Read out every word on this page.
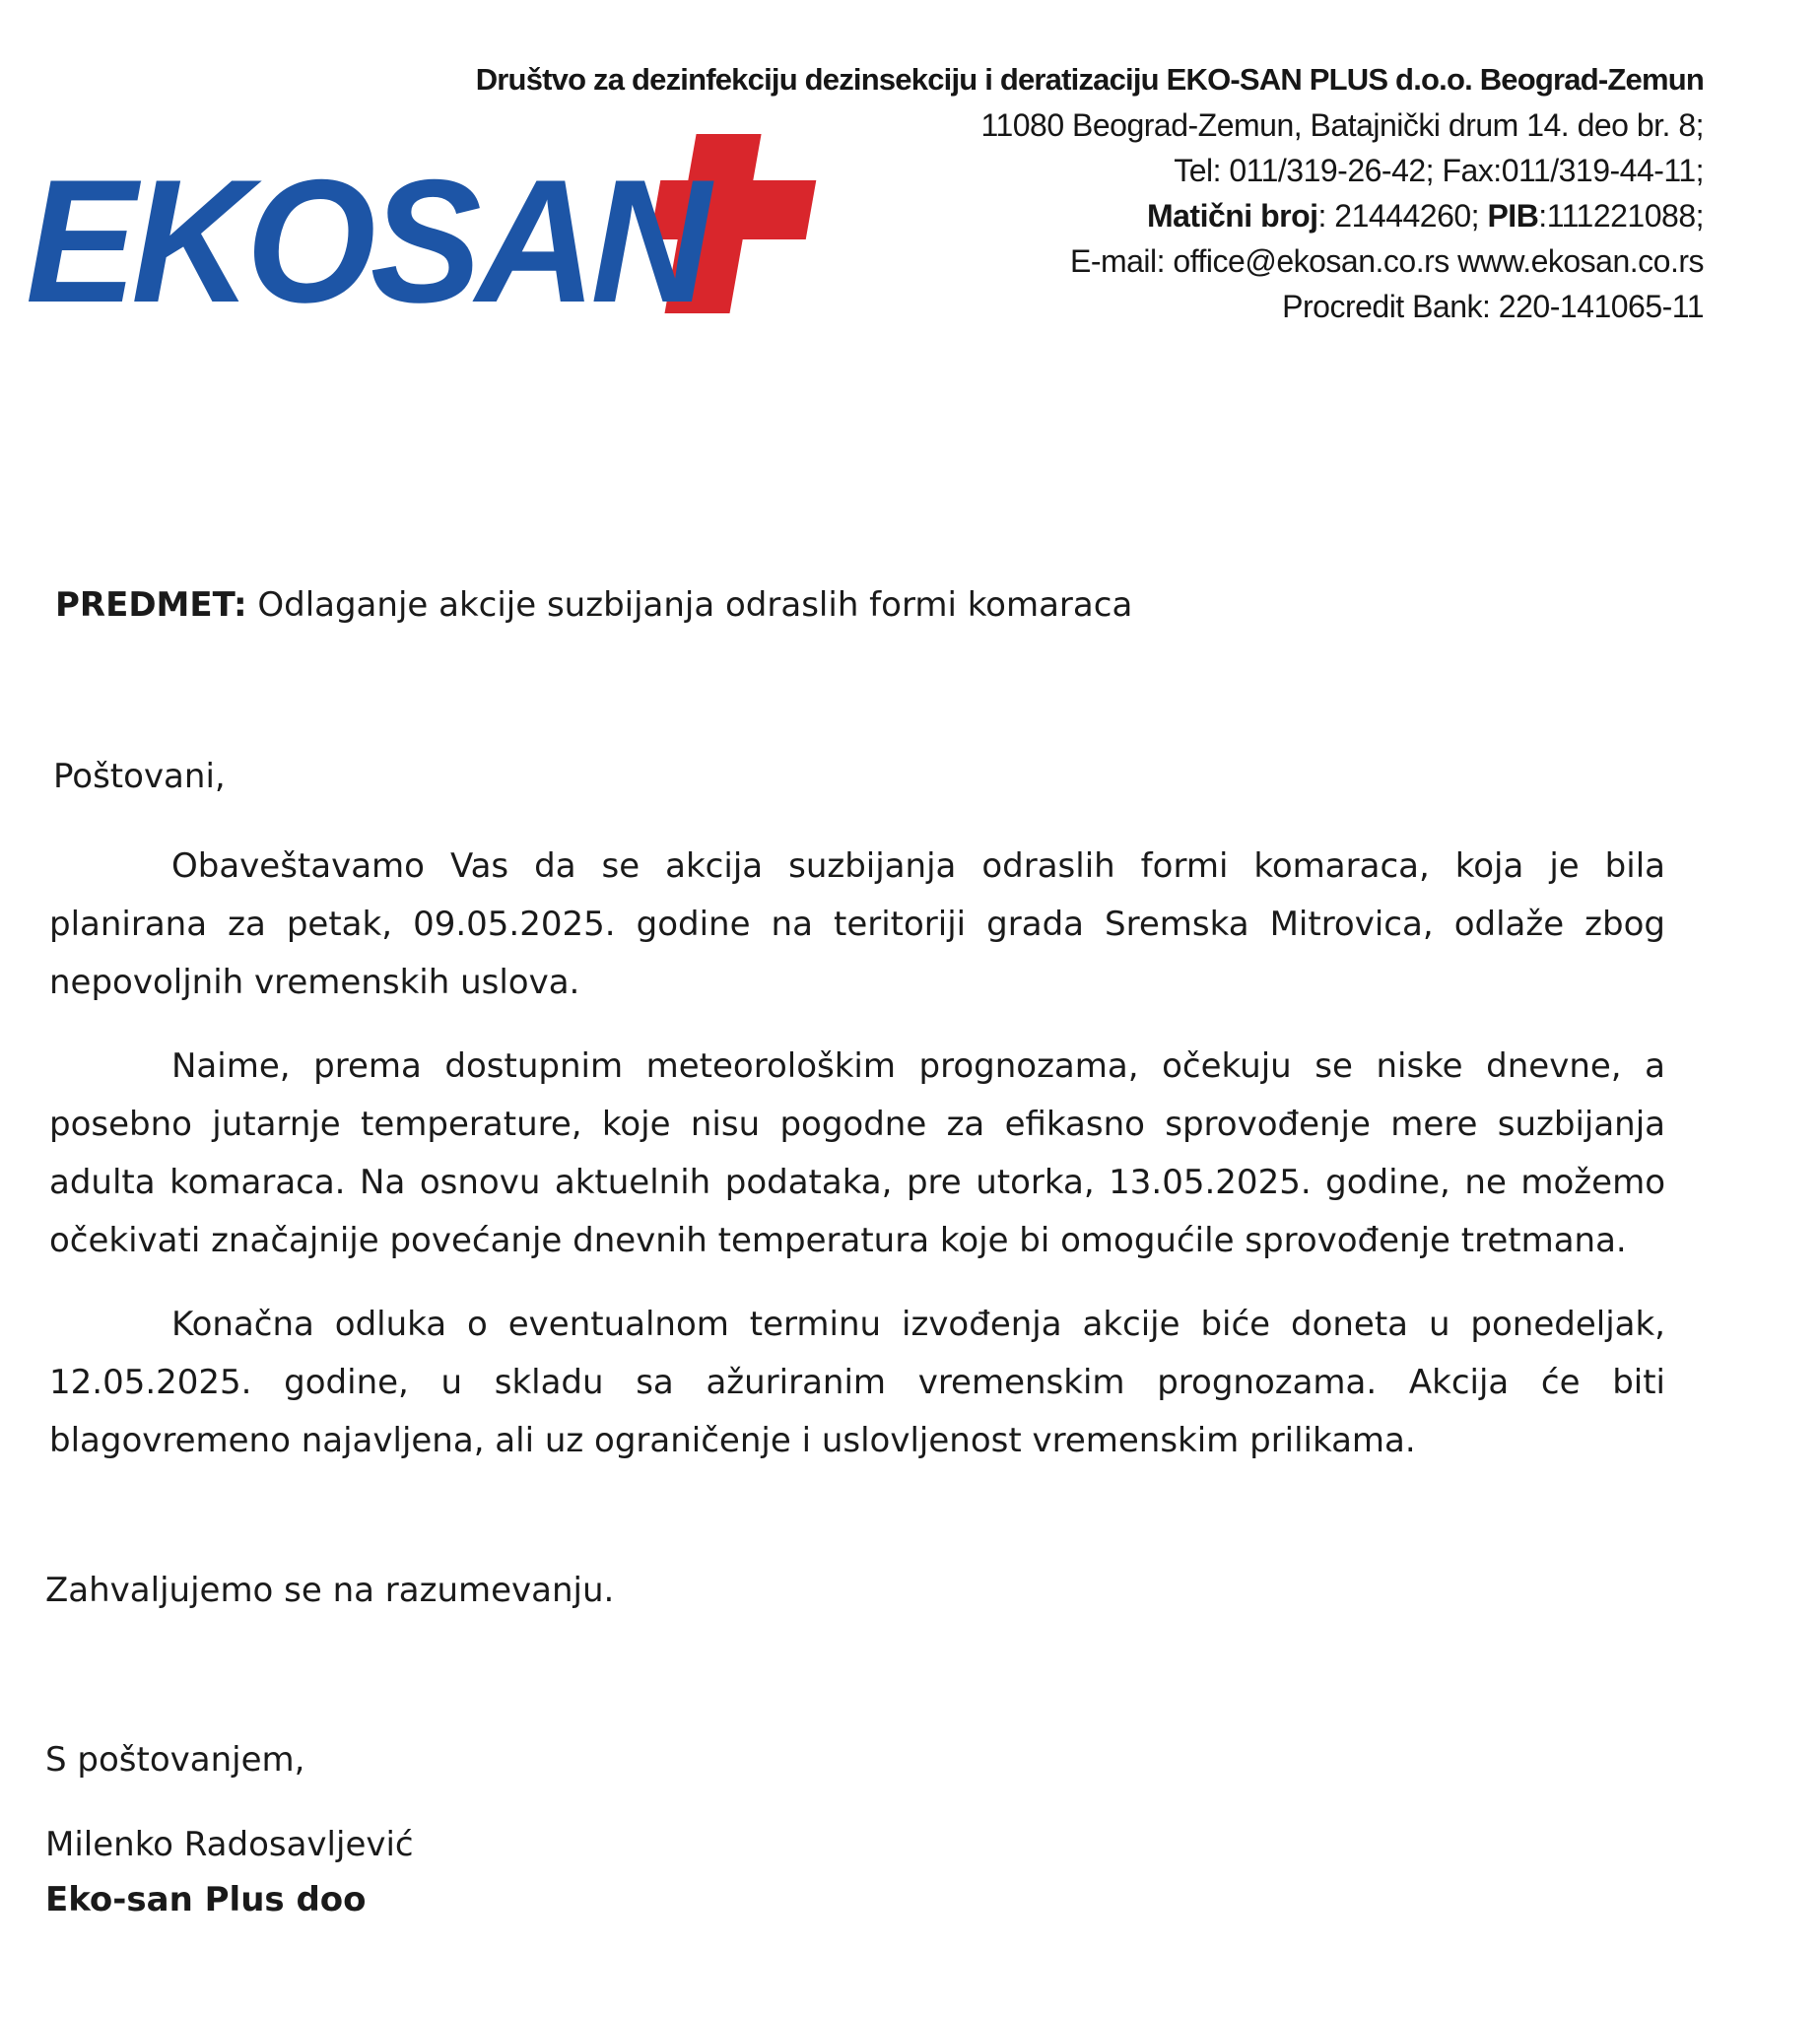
EKOSAN
Društvo za dezinfekciju dezinsekciju i deratizaciju EKO-SAN PLUS d.o.o. Beograd-Zemun
11080 Beograd-Zemun, Batajnički drum 14. deo br. 8;
Tel: 011/319-26-42; Fax:011/319-44-11;
Matični broj: 21444260; PIB:111221088;
E-mail: office@ekosan.co.rs www.ekosan.co.rs
Procredit Bank: 220-141065-11
PREDMET: Odlaganje akcije suzbijanja odraslih formi komaraca
Poštovani,

Obaveštavamo Vas da se akcija suzbijanja odraslih formi komaraca, koja je bila planirana za petak, 09.05.2025. godine na teritoriji grada Sremska Mitrovica, odlaže zbog nepovoljnih vremenskih uslova.

Naime, prema dostupnim meteorološkim prognozama, očekuju se niske dnevne, a posebno jutarnje temperature, koje nisu pogodne za efikasno sprovođenje mere suzbijanja adulta komaraca. Na osnovu aktuelnih podataka, pre utorka, 13.05.2025. godine, ne možemo očekivati značajnije povećanje dnevnih temperatura koje bi omogućile sprovođenje tretmana.

Konačna odluka o eventualnom terminu izvođenja akcije biće doneta u ponedeljak, 12.05.2025. godine, u skladu sa ažuriranim vremenskim prognozama. Akcija će biti blagovremeno najavljena, ali uz ograničenje i uslovljenost vremenskim prilikama.

Zahvaljujemo se na razumevanju.
S poštovanjem,
Milenko Radosavljević
Eko-san Plus doo
